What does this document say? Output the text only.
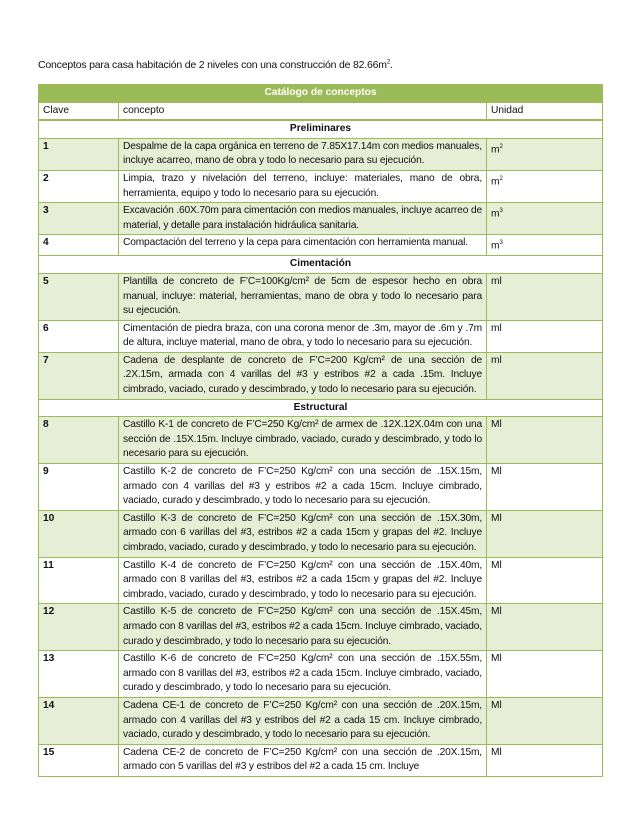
Conceptos para casa habitación de 2 niveles con una construcción de $82.66m^2$.
Catálogo de conceptos		
Clave	concepto	Unidad
Preliminares		
1	Despalme de la capa orgánica en terreno de 7.85X17.14m con medios manuales, incluye acarreo, mano de obra y todo lo necesario para su ejecución.	$m^2$
2	Limpia, trazo y nivelación del terreno, incluye: materiales, mano de obra, herramienta, equipo y todo lo necesario para su ejecución.	$m^2$
3	Excavación .60X.70m para cimentación con medios manuales, incluye acarreo de material, y detalle para instalación hidráulica sanitaria.	$m^3$
4	Compactación del terreno y la cepa para cimentación con herramienta manual.	$m^3$
Cimentación		
5	Plantilla de concreto de F’C=100Kg/cm² de 5cm de espesor hecho en obra manual, incluye: material, herramientas, mano de obra y todo lo necesario para su ejecución.	ml
6	Cimentación de piedra braza, con una corona menor de .3m, mayor de .6m y .7m de altura, incluye material, mano de obra, y todo lo necesario para su ejecución.	ml
7	Cadena de desplante de concreto de F’C=200 Kg/cm² de una sección de .2X.15m, armada con 4 varillas del #3 y estribos #2 a cada .15m. Incluye cimbrado, vaciado, curado y descimbrado, y todo lo necesario para su ejecución.	ml
Estructural		
8	Castillo K-1 de concreto de F’C=250 Kg/cm² de armex de .12X.12X.04m con una sección de .15X.15m. Incluye cimbrado, vaciado, curado y descimbrado, y todo lo necesario para su ejecución.	Ml
9	Castillo K-2 de concreto de F’C=250 Kg/cm² con una sección de .15X.15m, armado con 4 varillas del #3 y estribos #2 a cada 15cm. Incluye cimbrado, vaciado, curado y descimbrado, y todo lo necesario para su ejecución.	Ml
10	Castillo K-3 de concreto de F’C=250 Kg/cm² con una sección de .15X.30m, armado con 6 varillas del #3, estribos #2 a cada 15cm y grapas del #2. Incluye cimbrado, vaciado, curado y descimbrado, y todo lo necesario para su ejecución.	Ml
11	Castillo K-4 de concreto de F’C=250 Kg/cm² con una sección de .15X.40m, armado con 8 varillas del #3, estribos #2 a cada 15cm y grapas del #2. Incluye cimbrado, vaciado, curado y descimbrado, y todo lo necesario para su ejecución.	Ml
12	Castillo K-5 de concreto de F’C=250 Kg/cm² con una sección de .15X.45m, armado con 8 varillas del #3, estribos #2 a cada 15cm. Incluye cimbrado, vaciado, curado y descimbrado, y todo lo necesario para su ejecución.	Ml
13	Castillo K-6 de concreto de F’C=250 Kg/cm² con una sección de .15X.55m, armado con 8 varillas del #3, estribos #2 a cada 15cm. Incluye cimbrado, vaciado, curado y descimbrado, y todo lo necesario para su ejecución.	Ml
14	Cadena CE-1 de concreto de F’C=250 Kg/cm² con una sección de .20X.15m, armado con 4 varillas del #3 y estribos del #2 a cada 15 cm. Incluye cimbrado, vaciado, curado y descimbrado, y todo lo necesario para su ejecución.	Ml
15	Cadena CE-2 de concreto de F’C=250 Kg/cm² con una sección de .20X.15m, armado con 5 varillas del #3 y estribos del #2 a cada 15 cm. Incluye	Ml
